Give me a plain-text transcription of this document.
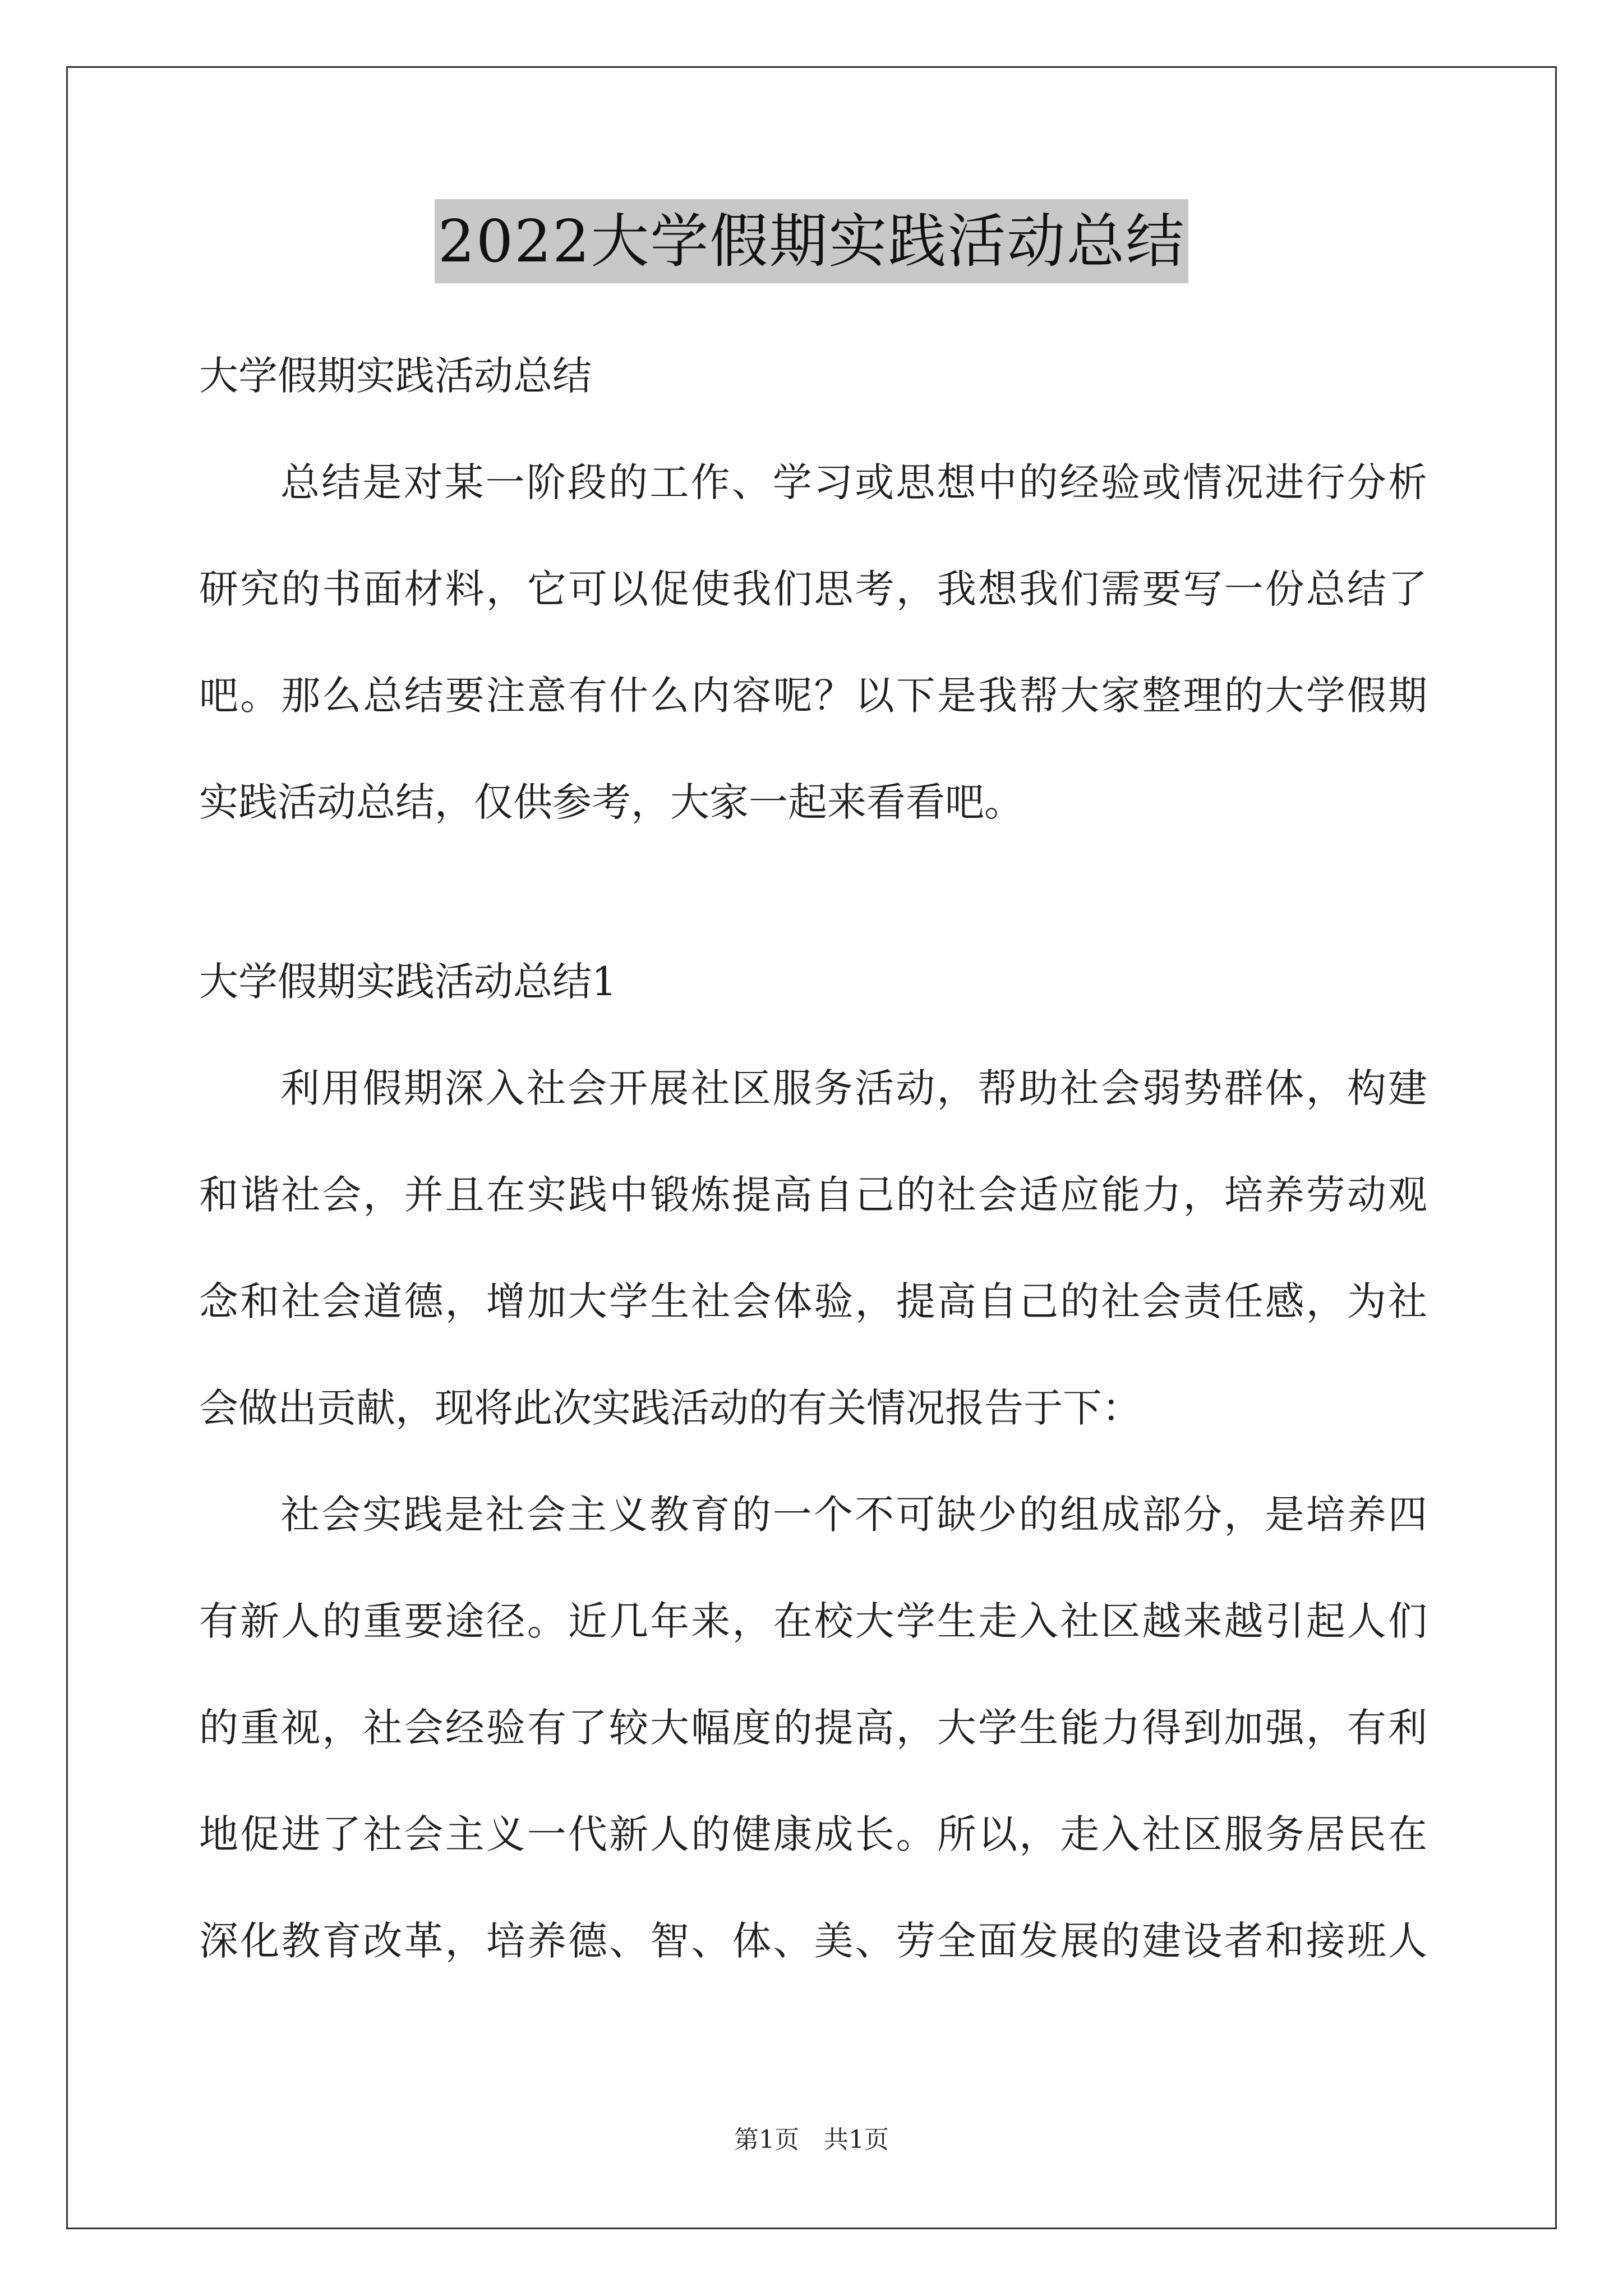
2022大学假期实践活动总结
大学假期实践活动总结
总结是对某一阶段的工作、学习或思想中的经验或情况进行分析
研究的书面材料，它可以促使我们思考，我想我们需要写一份总结了
吧。那么总结要注意有什么内容呢？以下是我帮大家整理的大学假期
实践活动总结，仅供参考，大家一起来看看吧。
大学假期实践活动总结1
利用假期深入社会开展社区服务活动，帮助社会弱势群体，构建
和谐社会，并且在实践中锻炼提高自己的社会适应能力，培养劳动观
念和社会道德，增加大学生社会体验，提高自己的社会责任感，为社
会做出贡献，现将此次实践活动的有关情况报告于下：
社会实践是社会主义教育的一个不可缺少的组成部分，是培养四
有新人的重要途径。近几年来，在校大学生走入社区越来越引起人们
的重视，社会经验有了较大幅度的提高，大学生能力得到加强，有利
地促进了社会主义一代新人的健康成长。所以，走入社区服务居民在
深化教育改革，培养德、智、体、美、劳全面发展的建设者和接班人
第1页　共1页
